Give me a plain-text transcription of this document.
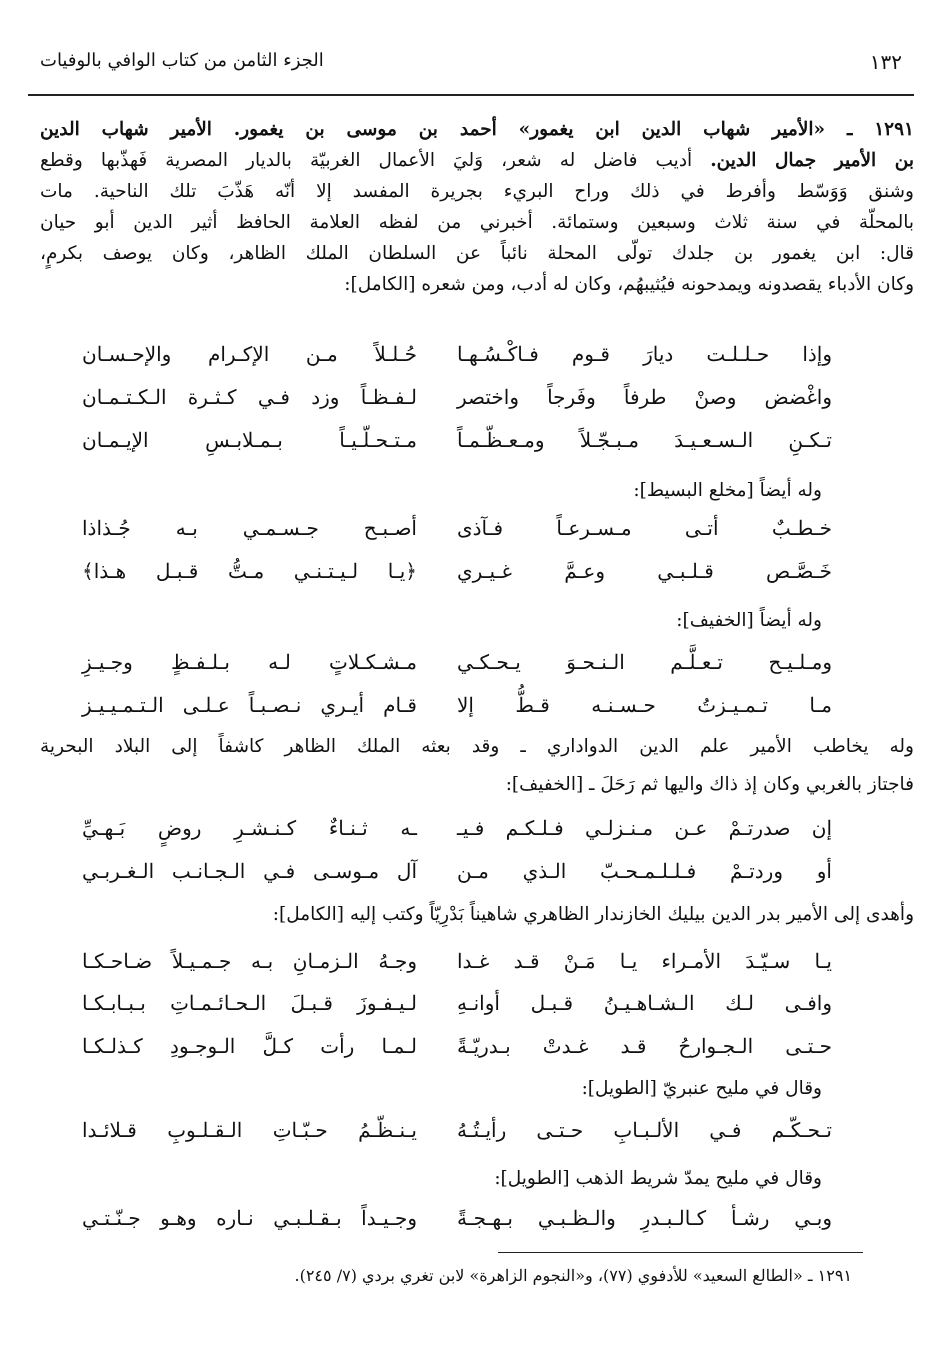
١٣٢
الجزء الثامن من كتاب الوافي بالوفيات
١٢٩١ ـ «الأمير شهاب الدين ابن يغمور» أحمد بن موسى بن يغمور. الأمير شهاب الدين
بن الأمير جمال الدين. أديب فاضل له شعر، وَليَ الأعمال الغربيّة بالديار المصرية فَهذّبها وقطع
وشنق وَوَسّط وأفرط في ذلك وراح البريء بجريرة المفسد إلا أنّه هَذّبَ تلك الناحية. مات
بالمحلّة في سنة ثلاث وسبعين وستمائة. أخبرني من لفظه العلامة الحافظ أثير الدين أبو حيان
قال: ابن يغمور بن جلدك تولّى المحلة نائباً عن السلطان الملك الظاهر، وكان يوصف بكرمٍ،
وكان الأدباء يقصدونه ويمدحونه فيُثيبهُم، وكان له أدب، ومن شعره [الكامل]:
وإذا حـلـلـت ديارَ قـوم فـاكْـسُـهـا
حُـلـلاً مـن الإكـرام والإحـسـان
واغْضض وصنْ طرفاً وفَرجاً واختصر
لـفـظـاً وزد فـي كـثـرة الـكـتـمـان
تـكـنِ الـسـعـيـدَ مـبـجّـلاً ومـعـظّـمـاً
مـتـحـلّـيـاً بـمـلابـسِ الإيـمـان
وله أيضاً [مخلع البسيط]:
خـطـبٌ أتـى مـسـرعـاً فـآذى
أصـبـح جـسـمـي بـه جُـذاذا
خَـصَّـص قـلـبـي وعـمَّ غـيـري
﴿يـا لـيـتـنـي مـتُّ قـبـل هـذا﴾
وله أيضاً [الخفيف]:
ومـلـيـح تـعـلَّـم الـنـحـوَ يـحـكـي
مـشـكـلاتٍ لـه بـلـفـظٍ وجـيـزِ
مـا تـمـيـزتُ حـسـنـه قـطُّ إلا
قـام أيـري نـصـبـاً عـلـى الـتـمـيـيـز
وله يخاطب الأمير علم الدين الدواداري ـ وقد بعثه الملك الظاهر كاشفاً إلى البلاد البحرية
فاجتاز بالغربي وكان إذ ذاك واليها ثم رَحَلَ ـ [الخفيف]:
إن صدرتـمْ عـن مـنـزلـي فـلـكـم فـيـ
ـه ثـنـاءٌ كـنـشـرِ روضٍ بَـهـيِّ
أو وردتـمْ فـلـلـمـحـبّ الـذي مـن
آل مـوسـى فـي الـجـانـب الـغـربـي
وأهدى إلى الأمير بدر الدين بيليك الخازندار الظاهري شاهيناً بَدْرِيّاً وكتب إليه [الكامل]:
يـا سـيّـدَ الأمـراء يـا مَـنْ قـد غـدا
وجـهُ الـزمـانِ بـه جـمـيـلاً ضـاحـكـا
وافـى لـك الـشـاهـيـنُ قـبـل أوانـهِ
لـيـفـوزَ قـبـلَ الـحـائـمـاتِ بـبـابـكـا
حـتـى الـجـوارحُ قـد غـدتْ بـدريّـةً
لـمـا رأت كـلَّ الـوجـودِ كـذلـكـا
وقال في مليح عنبريّ [الطويل]:
تـحـكّـم فـي الألـبـابِ حـتـى رأيـتُـهُ
يـنـظّـمُ حـبّـاتِ الـقـلـوبِ قـلائـدا
وقال في مليح يمدّ شريط الذهب [الطويل]:
وبـي رشـأ كـالـبـدرِ والـظـبـي بـهـجـةً
وجـيـداً بـقـلـبـي نـاره وهـو جـنّـتـي
١٢٩١ ـ «الطالع السعيد» للأدفوي (٧٧)، و«النجوم الزاهرة» لابن تغري بردي (٧/ ٢٤٥).
